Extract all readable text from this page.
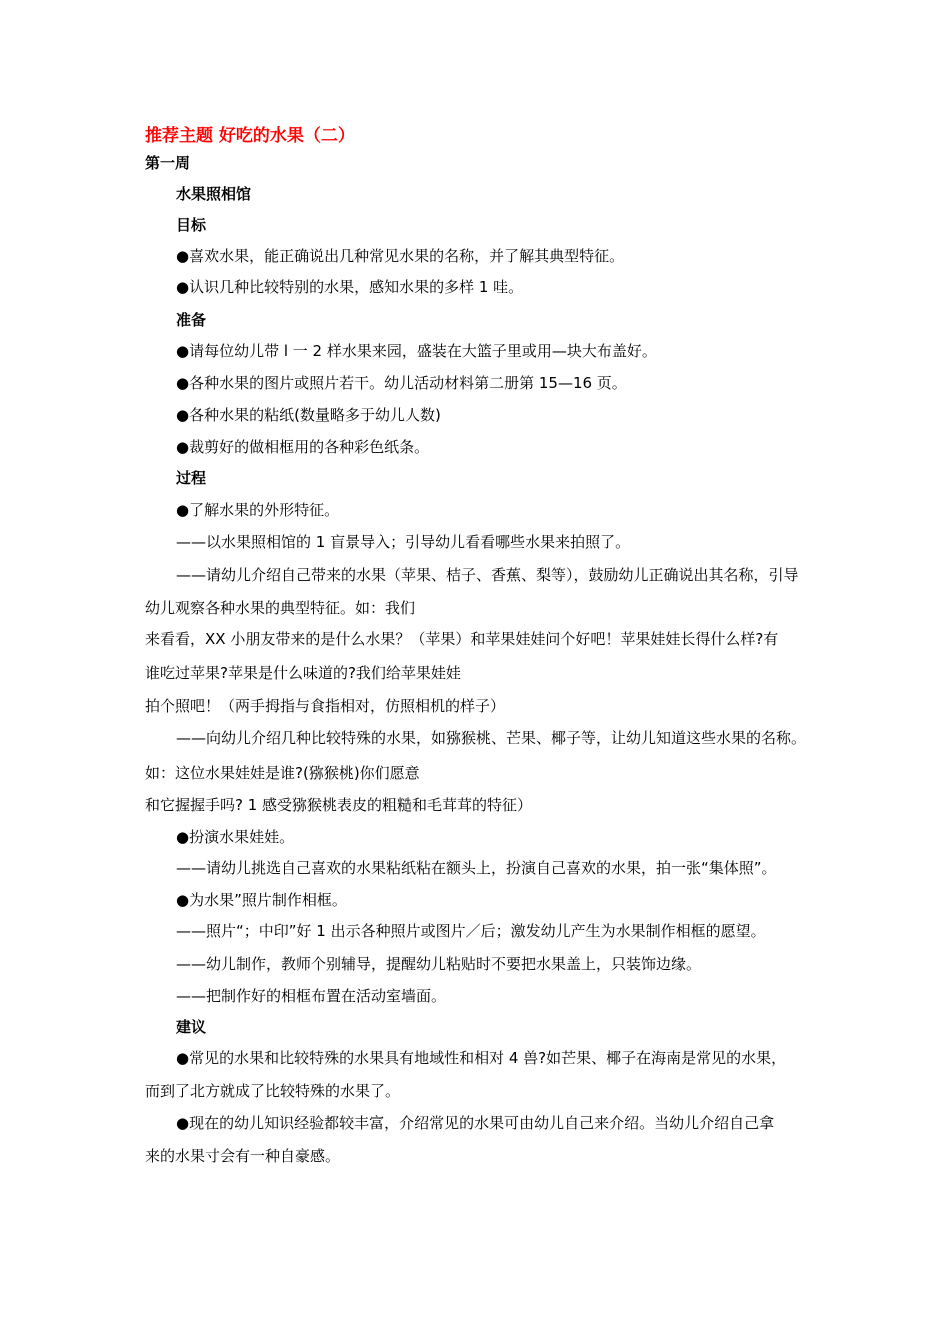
推荐主题 好吃的水果（二）
第一周
水果照相馆
目标
●喜欢水果，能正确说出几种常见水果的名称，并了解其典型特征。
●认识几种比较特别的水果，感知水果的多样 1 哇。
准备
●请每位幼儿带 l 一 2 样水果来园，盛装在大篮子里或用—块大布盖好。
●各种水果的图片或照片若干。幼儿活动材料第二册第 15—16 页。
●各种水果的粘纸(数量略多于幼儿人数)
●裁剪好的做相框用的各种彩色纸条。
过程
●了解水果的外形特征。
——以水果照相馆的 1 盲景导入；引导幼儿看看哪些水果来拍照了。
——请幼儿介绍自己带来的水果（苹果、桔子、香蕉、梨等），鼓励幼儿正确说出其名称，引导
幼儿观察各种水果的典型特征。如：我们
来看看，XX 小朋友带来的是什么水果？（苹果）和苹果娃娃问个好吧！苹果娃娃长得什么样?有
谁吃过苹果?苹果是什么味道的?我们给苹果娃娃
拍个照吧！（两手拇指与食指相对，仿照相机的样子）
——向幼儿介绍几种比较特殊的水果，如猕猴桃、芒果、椰子等，让幼儿知道这些水果的名称。
如：这位水果娃娃是谁?(猕猴桃)你们愿意
和它握握手吗? 1 感受猕猴桃表皮的粗糙和毛茸茸的特征）
●扮演水果娃娃。
——请幼儿挑选自己喜欢的水果粘纸粘在额头上，扮演自己喜欢的水果，拍一张“集体照”。
●为水果”照片制作相框。
——照片“；中印”好 1 出示各种照片或图片／后；激发幼儿产生为水果制作相框的愿望。
——幼儿制作，教师个别辅导，提醒幼儿粘贴时不要把水果盖上，只装饰边缘。
——把制作好的相框布置在活动室墙面。
建议
●常见的水果和比较特殊的水果具有地域性和相对 4 兽?如芒果、椰子在海南是常见的水果，
而到了北方就成了比较特殊的水果了。
●现在的幼儿知识经验都较丰富，介绍常见的水果可由幼儿自己来介绍。当幼儿介绍自己拿
来的水果寸会有一种自豪感。
